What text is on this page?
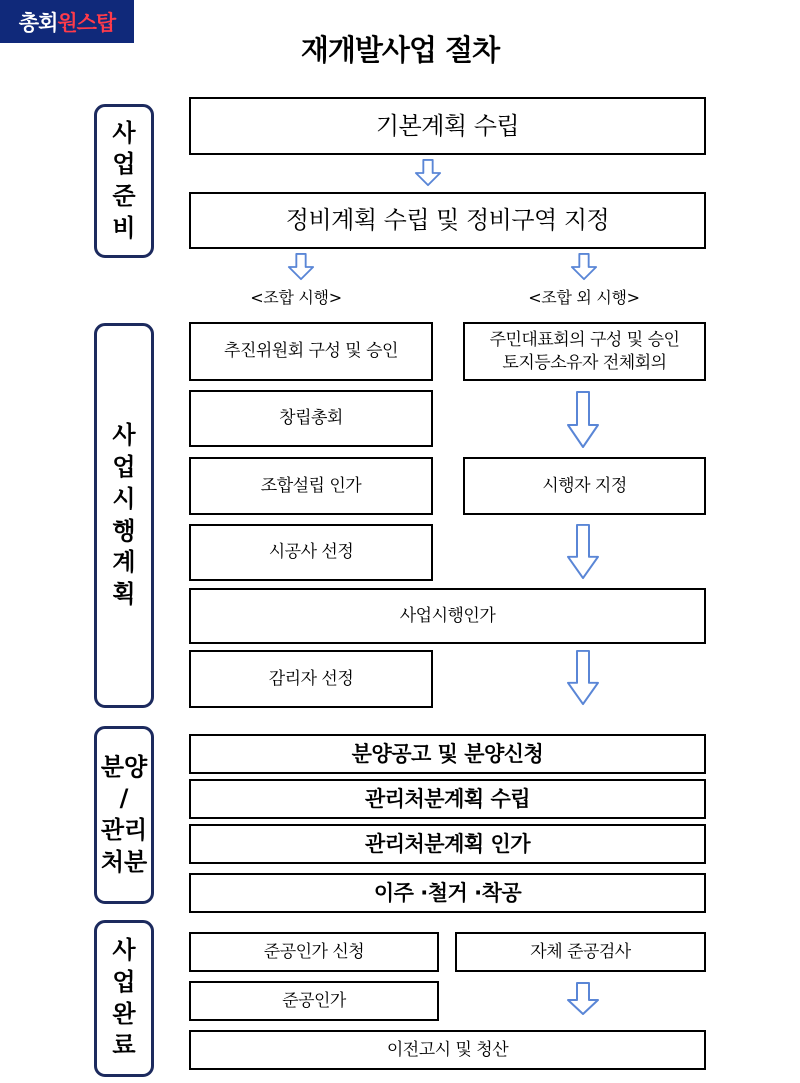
총회 원스탑
재개발사업 절차
사
업
준
비
사
업
시
행
계
획
분양
/
관리
처분
사
업
완
료
기본계획 수립
정비계획 수립 및 정비구역 지정
<조합 시행>	<조합 외 시행>
추진위원회 구성 및 승인
주민대표회의 구성 및 승인
토지등소유자 전체회의
창립총회
조합설립 인가	시행자 지정
시공사 선정
사업시행인가
감리자 선정
분양공고 및 분양신청
관리처분계획 수립
관리처분계획 인가
이주 ·철거 ·착공
준공인가 신청	자체 준공검사
준공인가
이전고시 및 청산
